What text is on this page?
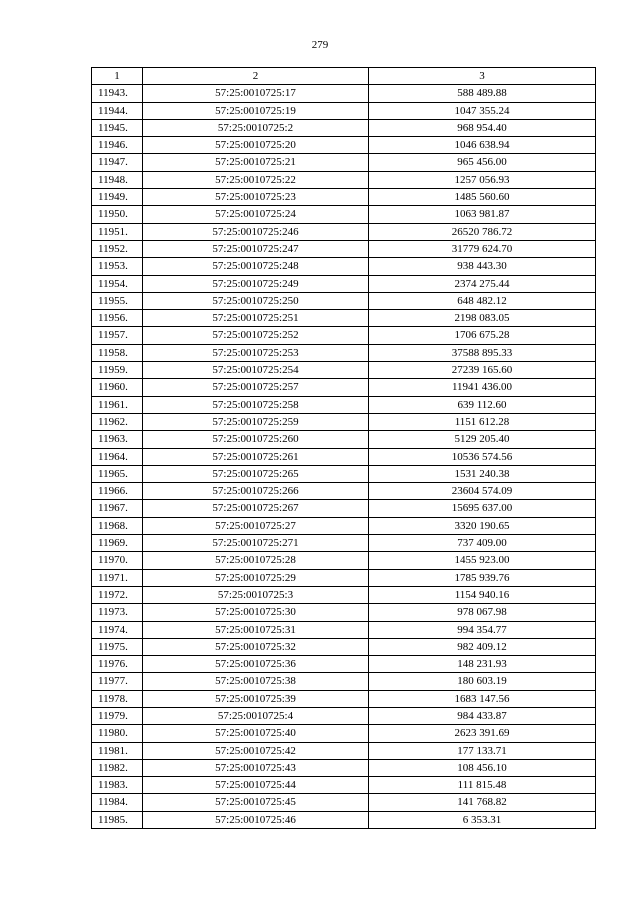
279
1	2	3
11943.	57:25:0010725:17	588 489.88
11944.	57:25:0010725:19	1047 355.24
11945.	57:25:0010725:2	968 954.40
11946.	57:25:0010725:20	1046 638.94
11947.	57:25:0010725:21	965 456.00
11948.	57:25:0010725:22	1257 056.93
11949.	57:25:0010725:23	1485 560.60
11950.	57:25:0010725:24	1063 981.87
11951.	57:25:0010725:246	26520 786.72
11952.	57:25:0010725:247	31779 624.70
11953.	57:25:0010725:248	938 443.30
11954.	57:25:0010725:249	2374 275.44
11955.	57:25:0010725:250	648 482.12
11956.	57:25:0010725:251	2198 083.05
11957.	57:25:0010725:252	1706 675.28
11958.	57:25:0010725:253	37588 895.33
11959.	57:25:0010725:254	27239 165.60
11960.	57:25:0010725:257	11941 436.00
11961.	57:25:0010725:258	639 112.60
11962.	57:25:0010725:259	1151 612.28
11963.	57:25:0010725:260	5129 205.40
11964.	57:25:0010725:261	10536 574.56
11965.	57:25:0010725:265	1531 240.38
11966.	57:25:0010725:266	23604 574.09
11967.	57:25:0010725:267	15695 637.00
11968.	57:25:0010725:27	3320 190.65
11969.	57:25:0010725:271	737 409.00
11970.	57:25:0010725:28	1455 923.00
11971.	57:25:0010725:29	1785 939.76
11972.	57:25:0010725:3	1154 940.16
11973.	57:25:0010725:30	978 067.98
11974.	57:25:0010725:31	994 354.77
11975.	57:25:0010725:32	982 409.12
11976.	57:25:0010725:36	148 231.93
11977.	57:25:0010725:38	180 603.19
11978.	57:25:0010725:39	1683 147.56
11979.	57:25:0010725:4	984 433.87
11980.	57:25:0010725:40	2623 391.69
11981.	57:25:0010725:42	177 133.71
11982.	57:25:0010725:43	108 456.10
11983.	57:25:0010725:44	111 815.48
11984.	57:25:0010725:45	141 768.82
11985.	57:25:0010725:46	6 353.31
